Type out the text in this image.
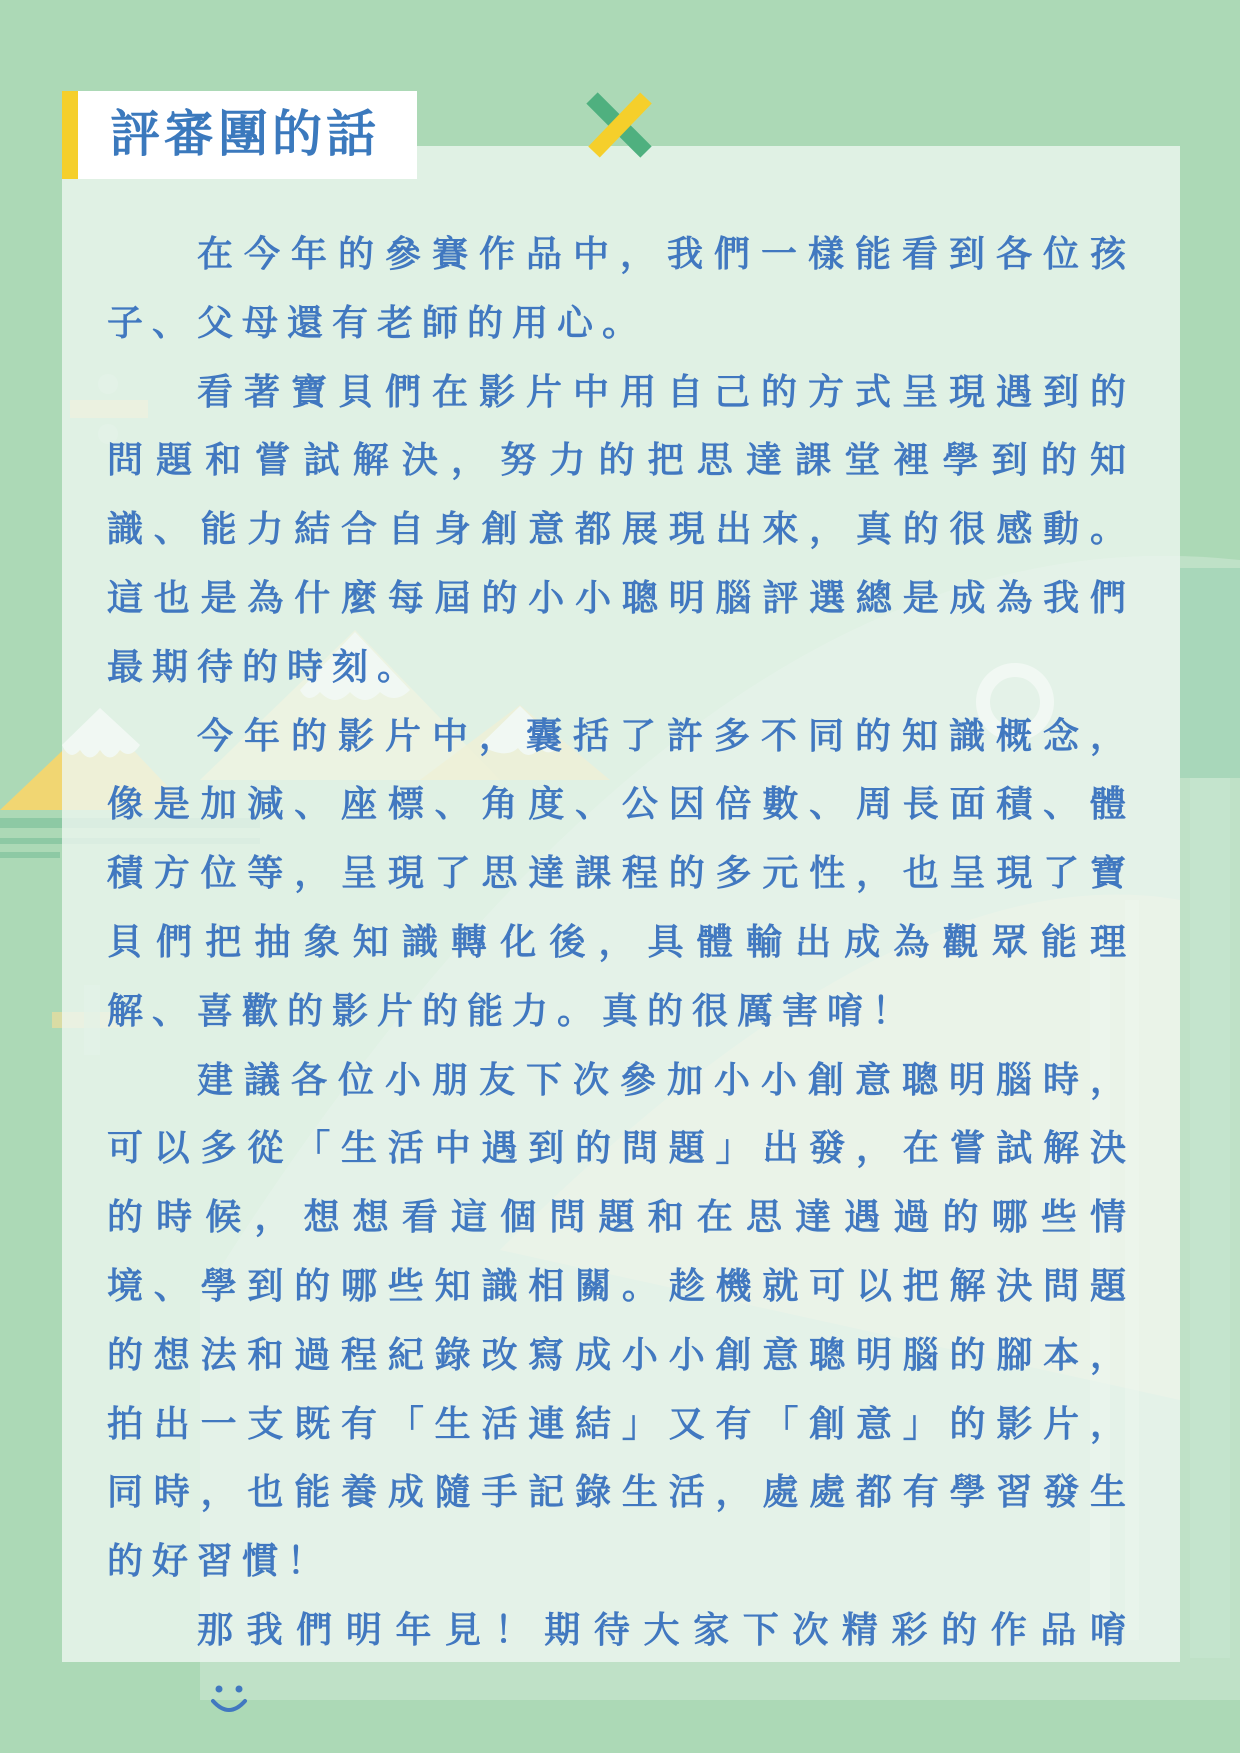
評審團的話

在今年的參賽作品中，我們一樣能看到各位孩子、父母還有老師的用心。

看著寶貝們在影片中用自己的方式呈現遇到的問題和嘗試解決，努力的把思達課堂裡學到的知識、能力結合自身創意都展現出來，真的很感動。這也是為什麼每屆的小小聰明腦評選總是成為我們最期待的時刻。

今年的影片中，囊括了許多不同的知識概念，像是加減、座標、角度、公因倍數、周長面積、體積方位等，呈現了思達課程的多元性，也呈現了寶貝們把抽象知識轉化後，具體輸出成為觀眾能理解、喜歡的影片的能力。真的很厲害唷！

建議各位小朋友下次參加小小創意聰明腦時，可以多從「生活中遇到的問題」出發，在嘗試解決的時候，想想看這個問題和在思達遇過的哪些情境、學到的哪些知識相關。趁機就可以把解決問題的想法和過程紀錄改寫成小小創意聰明腦的腳本，拍出一支既有「生活連結」又有「創意」的影片，同時，也能養成隨手記錄生活，處處都有學習發生的好習慣！

那我們明年見！期待大家下次精彩的作品唷
